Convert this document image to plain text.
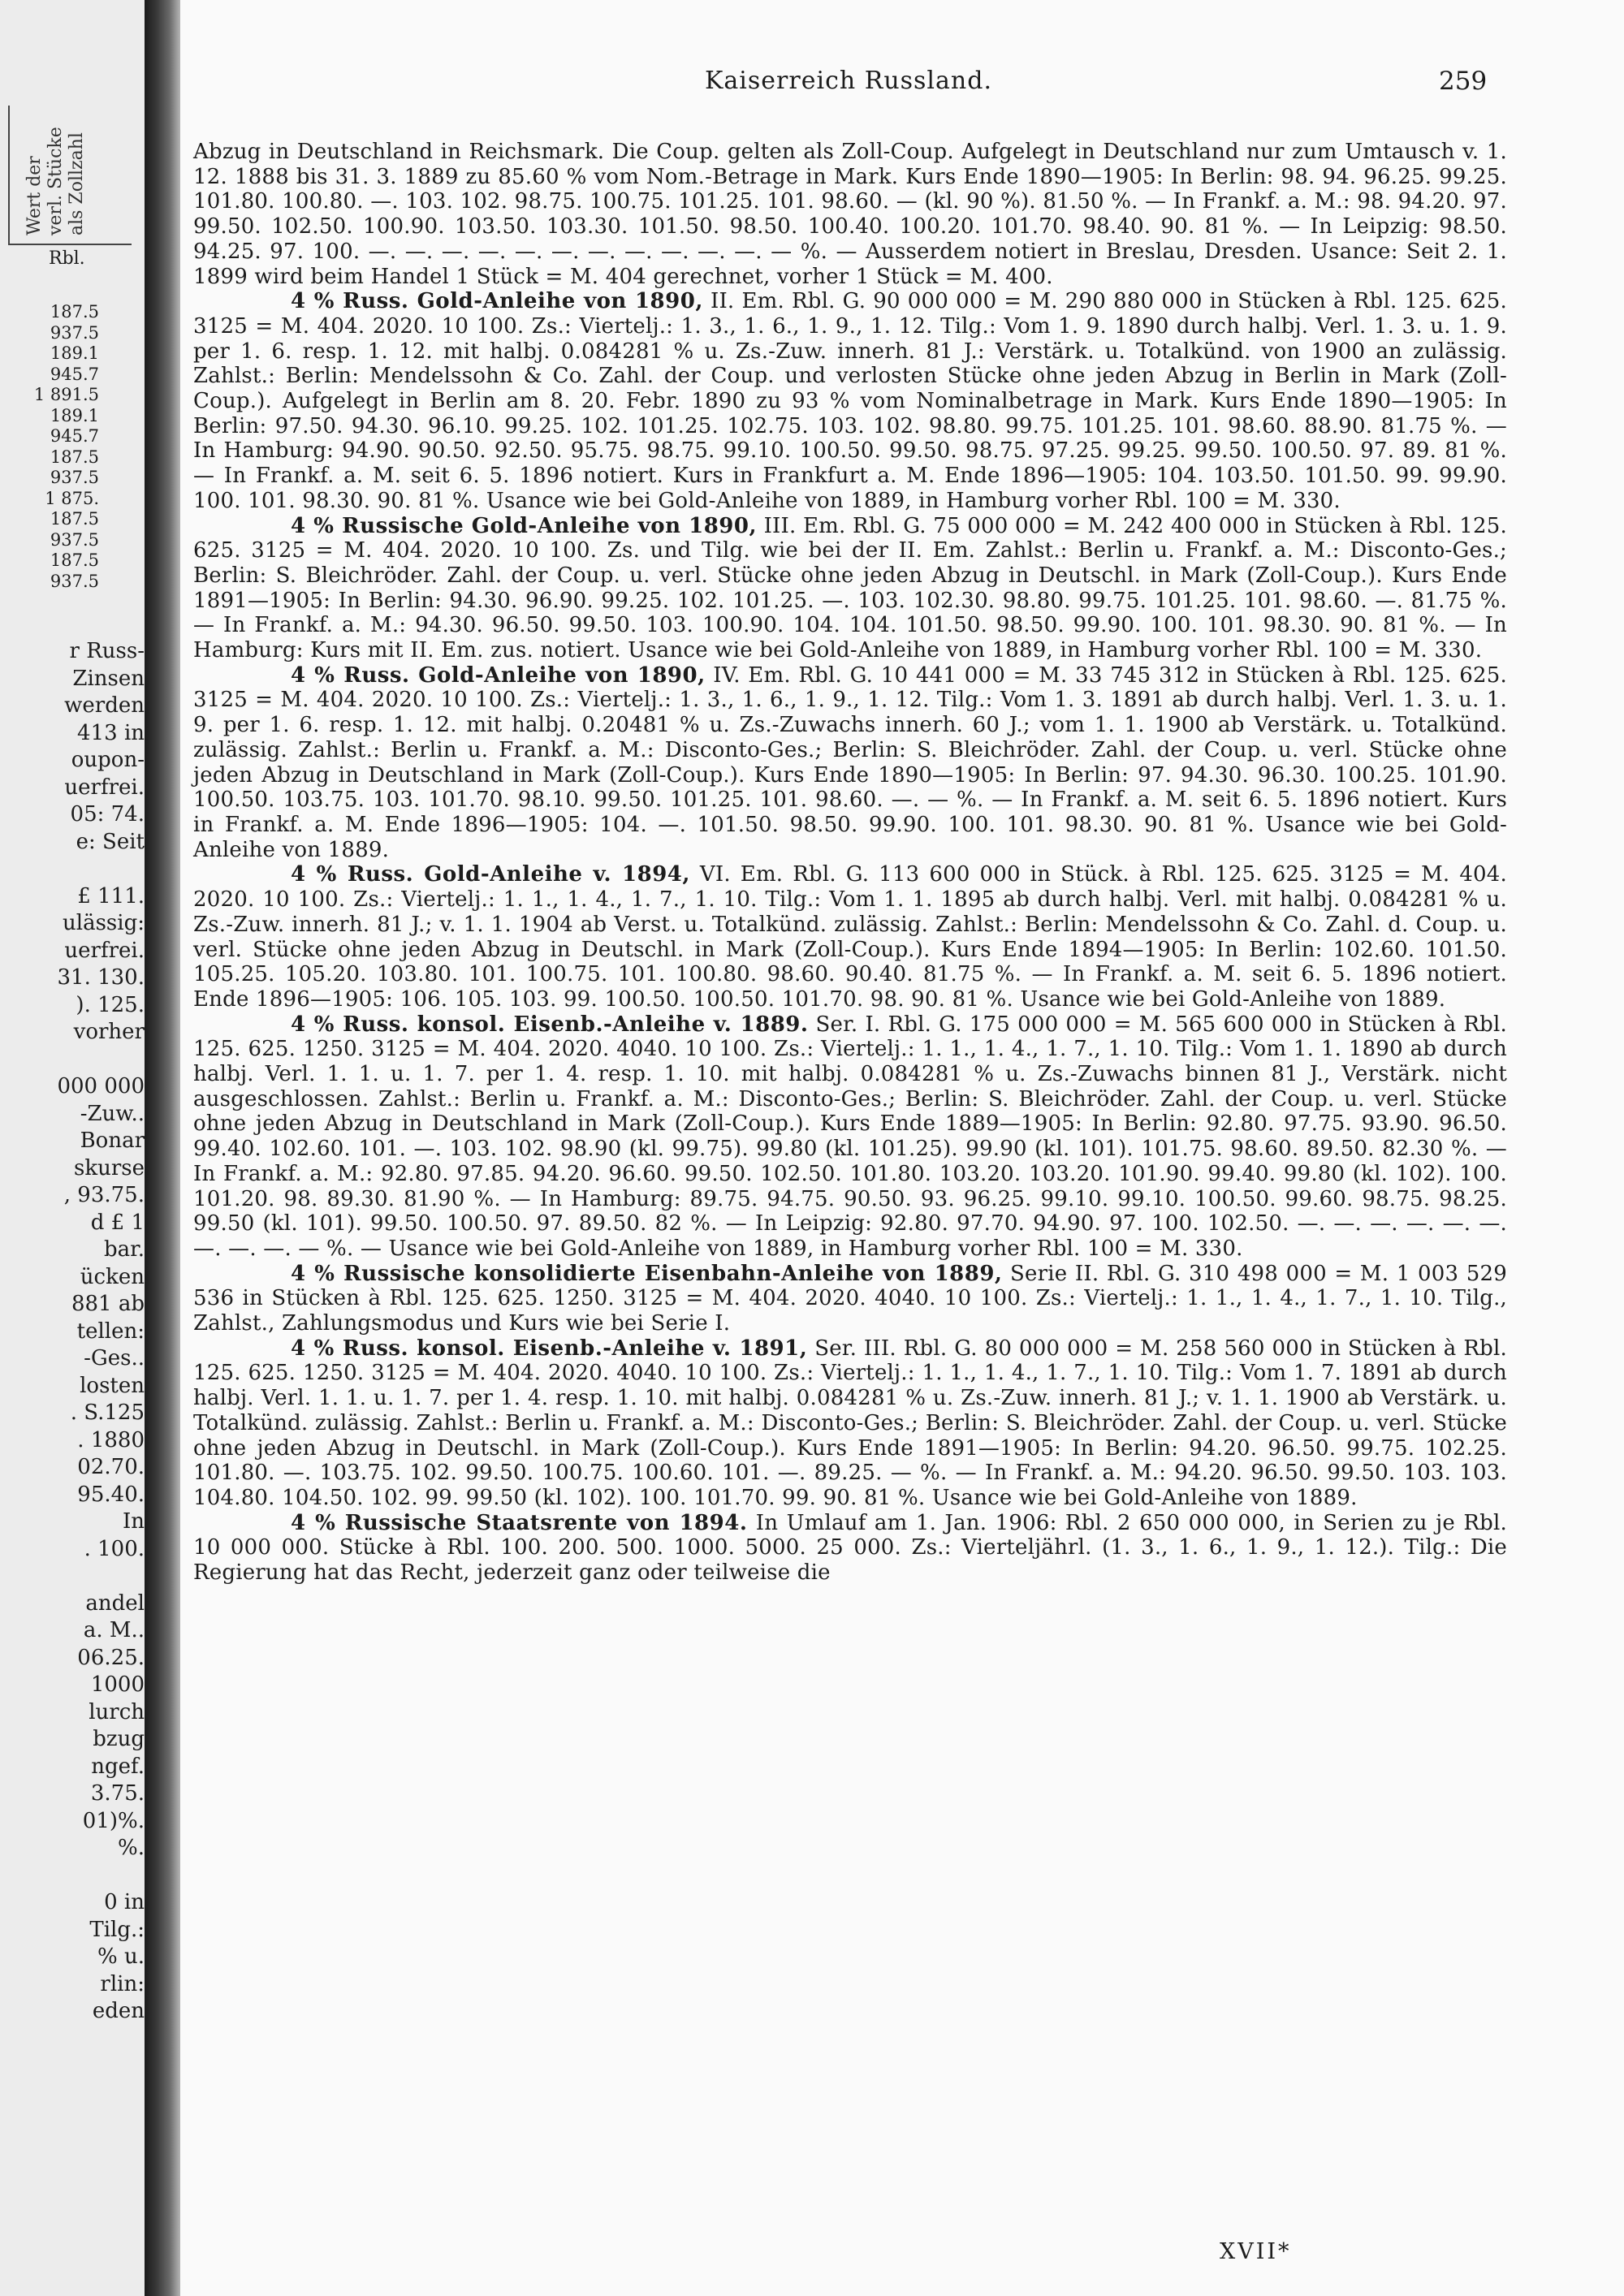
Wert der verl. Stücke als Zollzahl
Rbl.
187.5
937.5
189.1
945.7
1 891.5
189.1
945.7
187.5
937.5
1 875.
187.5
937.5
187.5
937.5
r Russ-
Zinsen
werden
413 in
oupon-
uerfrei.
05: 74.
e: Seit
£ 111.
ulässig:
uerfrei.
31. 130.
). 125.
vorher
000 000
-Zuw..
Bonar
skurse
, 93.75.
d £ 1
bar.
ücken
881 ab
tellen:
-Ges..
losten
. S.125
. 1880
02.70.
95.40.
In
. 100.
andel
a. M..
06.25.
1000
lurch
bzug
ngef.
3.75.
01)%.
%.
0 in
Tilg.:
% u.
rlin:
eden
Kaiserreich Russland.	259

Abzug in Deutschland in Reichsmark. Die Coup. gelten als Zoll-Coup. Aufgelegt in Deutschland nur zum Umtausch v. 1. 12. 1888 bis 31. 3. 1889 zu 85.60 % vom Nom.-Betrage in Mark. Kurs Ende 1890—1905: In Berlin: 98. 94. 96.25. 99.25. 101.80. 100.80. —. 103. 102. 98.75. 100.75. 101.25. 101. 98.60. — (kl. 90 %). 81.50 %. — In Frankf. a. M.: 98. 94.20. 97. 99.50. 102.50. 100.90. 103.50. 103.30. 101.50. 98.50. 100.40. 100.20. 101.70. 98.40. 90. 81 %. — In Leipzig: 98.50. 94.25. 97. 100. —. —. —. —. —. —. —. —. —. —. —. — %. — Ausserdem notiert in Breslau, Dresden. Usance: Seit 2. 1. 1899 wird beim Handel 1 Stück = M. 404 gerechnet, vorher 1 Stück = M. 400.

4 % Russ. Gold-Anleihe von 1890, II. Em. Rbl. G. 90 000 000 = M. 290 880 000 in Stücken à Rbl. 125. 625. 3125 = M. 404. 2020. 10 100. Zs.: Viertelj.: 1. 3., 1. 6., 1. 9., 1. 12. Tilg.: Vom 1. 9. 1890 durch halbj. Verl. 1. 3. u. 1. 9. per 1. 6. resp. 1. 12. mit halbj. 0.084281 % u. Zs.-Zuw. innerh. 81 J.: Verstärk. u. Totalkünd. von 1900 an zulässig. Zahlst.: Berlin: Mendelssohn & Co. Zahl. der Coup. und verlosten Stücke ohne jeden Abzug in Berlin in Mark (Zoll-Coup.). Aufgelegt in Berlin am 8. 20. Febr. 1890 zu 93 % vom Nominalbetrage in Mark. Kurs Ende 1890—1905: In Berlin: 97.50. 94.30. 96.10. 99.25. 102. 101.25. 102.75. 103. 102. 98.80. 99.75. 101.25. 101. 98.60. 88.90. 81.75 %. — In Hamburg: 94.90. 90.50. 92.50. 95.75. 98.75. 99.10. 100.50. 99.50. 98.75. 97.25. 99.25. 99.50. 100.50. 97. 89. 81 %. — In Frankf. a. M. seit 6. 5. 1896 notiert. Kurs in Frankfurt a. M. Ende 1896—1905: 104. 103.50. 101.50. 99. 99.90. 100. 101. 98.30. 90. 81 %. Usance wie bei Gold-Anleihe von 1889, in Hamburg vorher Rbl. 100 = M. 330.

4 % Russische Gold-Anleihe von 1890, III. Em. Rbl. G. 75 000 000 = M. 242 400 000 in Stücken à Rbl. 125. 625. 3125 = M. 404. 2020. 10 100. Zs. und Tilg. wie bei der II. Em. Zahlst.: Berlin u. Frankf. a. M.: Disconto-Ges.; Berlin: S. Bleichröder. Zahl. der Coup. u. verl. Stücke ohne jeden Abzug in Deutschl. in Mark (Zoll-Coup.). Kurs Ende 1891—1905: In Berlin: 94.30. 96.90. 99.25. 102. 101.25. —. 103. 102.30. 98.80. 99.75. 101.25. 101. 98.60. —. 81.75 %. — In Frankf. a. M.: 94.30. 96.50. 99.50. 103. 100.90. 104. 104. 101.50. 98.50. 99.90. 100. 101. 98.30. 90. 81 %. — In Hamburg: Kurs mit II. Em. zus. notiert. Usance wie bei Gold-Anleihe von 1889, in Hamburg vorher Rbl. 100 = M. 330.

4 % Russ. Gold-Anleihe von 1890, IV. Em. Rbl. G. 10 441 000 = M. 33 745 312 in Stücken à Rbl. 125. 625. 3125 = M. 404. 2020. 10 100. Zs.: Viertelj.: 1. 3., 1. 6., 1. 9., 1. 12. Tilg.: Vom 1. 3. 1891 ab durch halbj. Verl. 1. 3. u. 1. 9. per 1. 6. resp. 1. 12. mit halbj. 0.20481 % u. Zs.-Zuwachs innerh. 60 J.; vom 1. 1. 1900 ab Verstärk. u. Totalkünd. zulässig. Zahlst.: Berlin u. Frankf. a. M.: Disconto-Ges.; Berlin: S. Bleichröder. Zahl. der Coup. u. verl. Stücke ohne jeden Abzug in Deutschland in Mark (Zoll-Coup.). Kurs Ende 1890—1905: In Berlin: 97. 94.30. 96.30. 100.25. 101.90. 100.50. 103.75. 103. 101.70. 98.10. 99.50. 101.25. 101. 98.60. —. — %. — In Frankf. a. M. seit 6. 5. 1896 notiert. Kurs in Frankf. a. M. Ende 1896—1905: 104. —. 101.50. 98.50. 99.90. 100. 101. 98.30. 90. 81 %. Usance wie bei Gold-Anleihe von 1889.

4 % Russ. Gold-Anleihe v. 1894, VI. Em. Rbl. G. 113 600 000 in Stück. à Rbl. 125. 625. 3125 = M. 404. 2020. 10 100. Zs.: Viertelj.: 1. 1., 1. 4., 1. 7., 1. 10. Tilg.: Vom 1. 1. 1895 ab durch halbj. Verl. mit halbj. 0.084281 % u. Zs.-Zuw. innerh. 81 J.; v. 1. 1. 1904 ab Verst. u. Totalkünd. zulässig. Zahlst.: Berlin: Mendelssohn & Co. Zahl. d. Coup. u. verl. Stücke ohne jeden Abzug in Deutschl. in Mark (Zoll-Coup.). Kurs Ende 1894—1905: In Berlin: 102.60. 101.50. 105.25. 105.20. 103.80. 101. 100.75. 101. 100.80. 98.60. 90.40. 81.75 %. — In Frankf. a. M. seit 6. 5. 1896 notiert. Ende 1896—1905: 106. 105. 103. 99. 100.50. 100.50. 101.70. 98. 90. 81 %. Usance wie bei Gold-Anleihe von 1889.

4 % Russ. konsol. Eisenb.-Anleihe v. 1889. Ser. I. Rbl. G. 175 000 000 = M. 565 600 000 in Stücken à Rbl. 125. 625. 1250. 3125 = M. 404. 2020. 4040. 10 100. Zs.: Viertelj.: 1. 1., 1. 4., 1. 7., 1. 10. Tilg.: Vom 1. 1. 1890 ab durch halbj. Verl. 1. 1. u. 1. 7. per 1. 4. resp. 1. 10. mit halbj. 0.084281 % u. Zs.-Zuwachs binnen 81 J., Verstärk. nicht ausgeschlossen. Zahlst.: Berlin u. Frankf. a. M.: Disconto-Ges.; Berlin: S. Bleichröder. Zahl. der Coup. u. verl. Stücke ohne jeden Abzug in Deutschland in Mark (Zoll-Coup.). Kurs Ende 1889—1905: In Berlin: 92.80. 97.75. 93.90. 96.50. 99.40. 102.60. 101. —. 103. 102. 98.90 (kl. 99.75). 99.80 (kl. 101.25). 99.90 (kl. 101). 101.75. 98.60. 89.50. 82.30 %. — In Frankf. a. M.: 92.80. 97.85. 94.20. 96.60. 99.50. 102.50. 101.80. 103.20. 103.20. 101.90. 99.40. 99.80 (kl. 102). 100. 101.20. 98. 89.30. 81.90 %. — In Hamburg: 89.75. 94.75. 90.50. 93. 96.25. 99.10. 99.10. 100.50. 99.60. 98.75. 98.25. 99.50 (kl. 101). 99.50. 100.50. 97. 89.50. 82 %. — In Leipzig: 92.80. 97.70. 94.90. 97. 100. 102.50. —. —. —. —. —. —. —. —. —. — %. — Usance wie bei Gold-Anleihe von 1889, in Hamburg vorher Rbl. 100 = M. 330.

4 % Russische konsolidierte Eisenbahn-Anleihe von 1889, Serie II. Rbl. G. 310 498 000 = M. 1 003 529 536 in Stücken à Rbl. 125. 625. 1250. 3125 = M. 404. 2020. 4040. 10 100. Zs.: Viertelj.: 1. 1., 1. 4., 1. 7., 1. 10. Tilg., Zahlst., Zahlungsmodus und Kurs wie bei Serie I.

4 % Russ. konsol. Eisenb.-Anleihe v. 1891, Ser. III. Rbl. G. 80 000 000 = M. 258 560 000 in Stücken à Rbl. 125. 625. 1250. 3125 = M. 404. 2020. 4040. 10 100. Zs.: Viertelj.: 1. 1., 1. 4., 1. 7., 1. 10. Tilg.: Vom 1. 7. 1891 ab durch halbj. Verl. 1. 1. u. 1. 7. per 1. 4. resp. 1. 10. mit halbj. 0.084281 % u. Zs.-Zuw. innerh. 81 J.; v. 1. 1. 1900 ab Verstärk. u. Totalkünd. zulässig. Zahlst.: Berlin u. Frankf. a. M.: Disconto-Ges.; Berlin: S. Bleichröder. Zahl. der Coup. u. verl. Stücke ohne jeden Abzug in Deutschl. in Mark (Zoll-Coup.). Kurs Ende 1891—1905: In Berlin: 94.20. 96.50. 99.75. 102.25. 101.80. —. 103.75. 102. 99.50. 100.75. 100.60. 101. —. 89.25. — %. — In Frankf. a. M.: 94.20. 96.50. 99.50. 103. 103. 104.80. 104.50. 102. 99. 99.50 (kl. 102). 100. 101.70. 99. 90. 81 %. Usance wie bei Gold-Anleihe von 1889.

4 % Russische Staatsrente von 1894. In Umlauf am 1. Jan. 1906: Rbl. 2 650 000 000, in Serien zu je Rbl. 10 000 000. Stücke à Rbl. 100. 200. 500. 1000. 5000. 25 000. Zs.: Vierteljährl. (1. 3., 1. 6., 1. 9., 1. 12.). Tilg.: Die Regierung hat das Recht, jederzeit ganz oder teilweise die

XVII*
